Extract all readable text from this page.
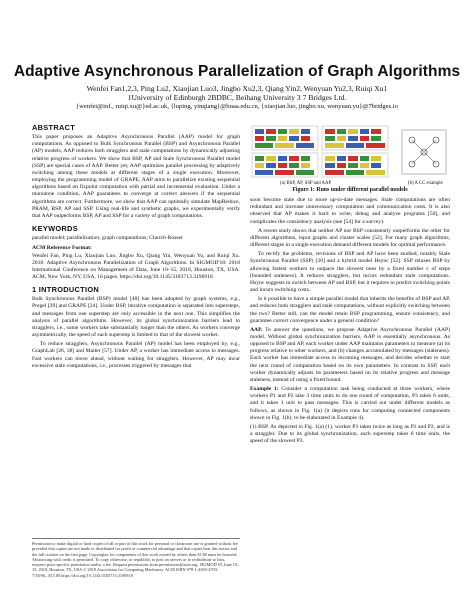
Adaptive Asynchronous Parallelization of Graph Algorithms
Wenfei Fan1,2,3, Ping Lu2, Xiaojian Luo3, Jingbo Xu2,3, Qiang Yin2, Wenyuan Yu2,3, Ruiqi Xu1
1University of Edinburgh 2BDBC, Beihang University 3 7 Bridges Ltd.
{wenfei@inf., ruiqi.xu@}ed.ac.uk, {luping, yinqiang}@buaa.edu.cn, {xiaojian.luo, jingbo.xu, wenyuan.yu}@7bridges.io
ABSTRACT

This paper proposes an Adaptive Asynchronous Parallel (AAP) model for graph computations. As opposed to Bulk Synchronous Parallel (BSP) and Asynchronous Parallel (AP) models, AAP reduces both stragglers and stale computations by dynamically adjusting relative progress of workers. We show that BSP, AP and Stale Synchronous Parallel model (SSP) are special cases of AAP. Better yet, AAP optimizes parallel processing by adaptively switching among these models at different stages of a single execution. Moreover, employing the programming model of GRAPE, AAP aims to parallelize existing sequential algorithms based on fixpoint computation with partial and incremental evaluation. Under a monotone condition, AAP guarantees to converge at correct answers if the sequential algorithms are correct. Furthermore, we show that AAP can optimally simulate MapReduce, PRAM, BSP, AP and SSP. Using real-life and synthetic graphs, we experimentally verify that AAP outperforms BSP, AP and SSP for a variety of graph computations.

KEYWORDS

parallel model; parallelization; graph computations; Church-Rosser

ACM Reference Format:

Wenfei Fan, Ping Lu, Xiaojian Luo, Jingbo Xu, Qiang Yin, Wenyuan Yu, and Ruiqi Xu. 2018. Adaptive Asynchronous Parallelization of Graph Algorithms. In SIGMOD'18: 2018 International Conference on Management of Data, June 10–15, 2018, Houston, TX, USA. ACM, New York, NY, USA, 16 pages. https://doi.org/10.1145/3183713.3196918

1 INTRODUCTION

Bulk Synchronous Parallel (BSP) model [48] has been adopted by graph systems, e.g., Pregel [39] and GRAPE [24]. Under BSP, iterative computation is separated into supersteps, and messages from one superstep are only accessible in the next one. This simplifies the analysis of parallel algorithms. However, its global synchronization barriers lead to stragglers, i.e., some workers take substantially longer than the others. As workers converge asymmetrically, the speed of each superstep is limited to that of the slowest worker.

To reduce stragglers, Asynchronous Parallel (AP) model has been employed by, e.g., GraphLab [26, 38] and Maiter [57]. Under AP, a worker has immediate access to messages. Fast workers can move ahead, without waiting for stragglers. However, AP may incur excessive stale computations, i.e., processes triggered by messages that

Permission to make digital or hard copies of all or part of this work for personal or classroom use is granted without fee provided that copies are not made or distributed for profit or commercial advantage and that copies bear this notice and the full citation on the first page. Copyrights for components of this work owned by others than ACM must be honored. Abstracting with credit is permitted. To copy otherwise, or republish, to post on servers or to redistribute to lists, requires prior specific permission and/or a fee. Request permissions from permissions@acm.org. SIGMOD'18, June 10–15, 2018, Houston, TX, USA © 2018 Association for Computing Machinery. ACM ISBN 978-1-4503-4703-7/18/06...$15.00 https://doi.org/10.1145/3183713.3196918
(a) BSP, AP, SSP and AAP	(b) A CC example
Figure 1: Runs under different parallel models

soon become stale due to more up-to-date messages. Stale computations are often redundant and increase unnecessary computation and communication costs. It is also observed that AP makes it hard to write, debug and analyze programs [50], and complicates the consistency analysis (see [54] for a survey).

A recent study shows that neither AP nor BSP consistently outperforms the other for different algorithms, input graphs and cluster scales [52]. For many graph algorithms, different stages in a single execution demand different models for optimal performance.

To rectify the problems, revisions of BSP and AP have been studied, notably Stale Synchronous Parallel (SSP) [30] and a hybrid model Hsync [52]. SSP relaxes BSP by allowing fastest workers to outpace the slowest ones by a fixed number c of steps (bounded staleness). It reduces stragglers, but incurs redundant stale computations. Hsync suggests to switch between AP and BSP, but it requires to predict switching points and incurs switching costs.

Is it possible to have a simple parallel model that inherits the benefits of BSP and AP, and reduces both stragglers and stale computations, without explicitly switching between the two? Better still, can the model retain BSP programming, ensure consistency, and guarantee correct convergence under a general condition?

AAP. To answer the questions, we propose Adaptive Asynchronous Parallel (AAP) model. Without global synchronization barriers, AAP is essentially asynchronous. As opposed to BSP and AP, each worker under AAP maintains parameters to measure (a) its progress relative to other workers, and (b) changes accumulated by messages (staleness). Each worker has immediate access to incoming messages, and decides whether to start the next round of computation based on its own parameters. In contrast to SSP, each worker dynamically adjusts its parameters based on its relative progress and message staleness, instead of using a fixed bound.

Example 1: Consider a computation task being conducted at three workers, where workers P1 and P2 take 3 time units to do one round of computation, P3 takes 6 units, and it takes 1 unit to pass messages. This is carried out under different models as follows, as shown in Fig. 1(a) (it depicts runs for computing connected components shown in Fig. 1(b), to be elaborated in Example 4).

(1) BSP. As depicted in Fig. 1(a) (1), worker P3 takes twice as long as P1 and P2, and is a straggler. Due to its global synchronization, each superstep takes 6 time units, the speed of the slowest P3.
